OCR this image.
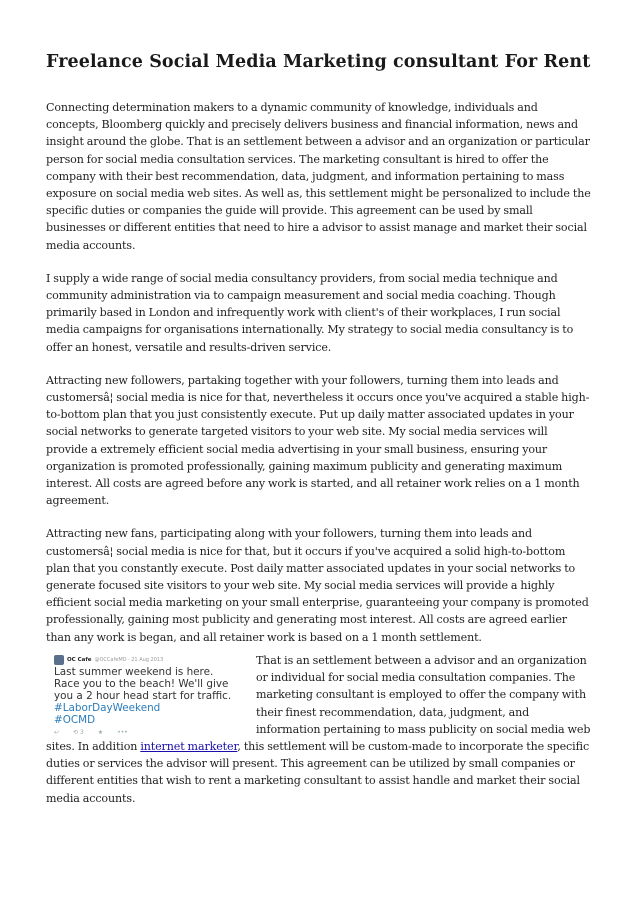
Freelance Social Media Marketing consultant For Rent

Connecting determination makers to a dynamic community of knowledge, individuals and concepts, Bloomberg quickly and precisely delivers business and financial information, news and insight around the globe. That is an settlement between a advisor and an organization or particular person for social media consultation services. The marketing consultant is hired to offer the company with their best recommendation, data, judgment, and information pertaining to mass exposure on social media web sites. As well as, this settlement might be personalized to include the specific duties or companies the guide will provide. This agreement can be used by small businesses or different entities that need to hire a advisor to assist manage and market their social media accounts.

I supply a wide range of social media consultancy providers, from social media technique and community administration via to campaign measurement and social media coaching. Though primarily based in London and infrequently work with client's of their workplaces, I run social media campaigns for organisations internationally. My strategy to social media consultancy is to offer an honest, versatile and results-driven service.

Attracting new followers, partaking together with your followers, turning them into leads and customersâ¦ social media is nice for that, nevertheless it occurs once you've acquired a stable high-to-bottom plan that you just consistently execute. Put up daily matter associated updates in your social networks to generate targeted visitors to your web site. My social media services will provide a extremely efficient social media advertising in your small business, ensuring your organization is promoted professionally, gaining maximum publicity and generating maximum interest. All costs are agreed before any work is started, and all retainer work relies on a 1 month agreement.

Attracting new fans, participating along with your followers, turning them into leads and customersâ¦ social media is nice for that, but it occurs if you've acquired a solid high-to-bottom plan that you constantly execute. Post daily matter associated updates in your social networks to generate focused site visitors to your web site. My social media services will provide a highly efficient social media marketing on your small enterprise, guaranteeing your company is promoted professionally, gaining most publicity and generating most interest. All costs are agreed earlier than any work is began, and all retainer work is based on a 1 month settlement.

OC Cafe @OCCafeMD · 21 Aug 2013
Last summer weekend is here. Race you to the beach! We'll give you a 2 hour head start for traffic. #LaborDayWeekend
#OCMD
↩ ⟲ 3 ★ •••

That is an settlement between a advisor and an organization or individual for social media consultation companies. The marketing consultant is employed to offer the company with their finest recommendation, data, judgment, and information pertaining to mass publicity on social media web sites. In addition internet marketer, this settlement will be custom-made to incorporate the specific duties or services the advisor will present. This agreement can be utilized by small companies or different entities that wish to rent a marketing consultant to assist handle and market their social media accounts.
